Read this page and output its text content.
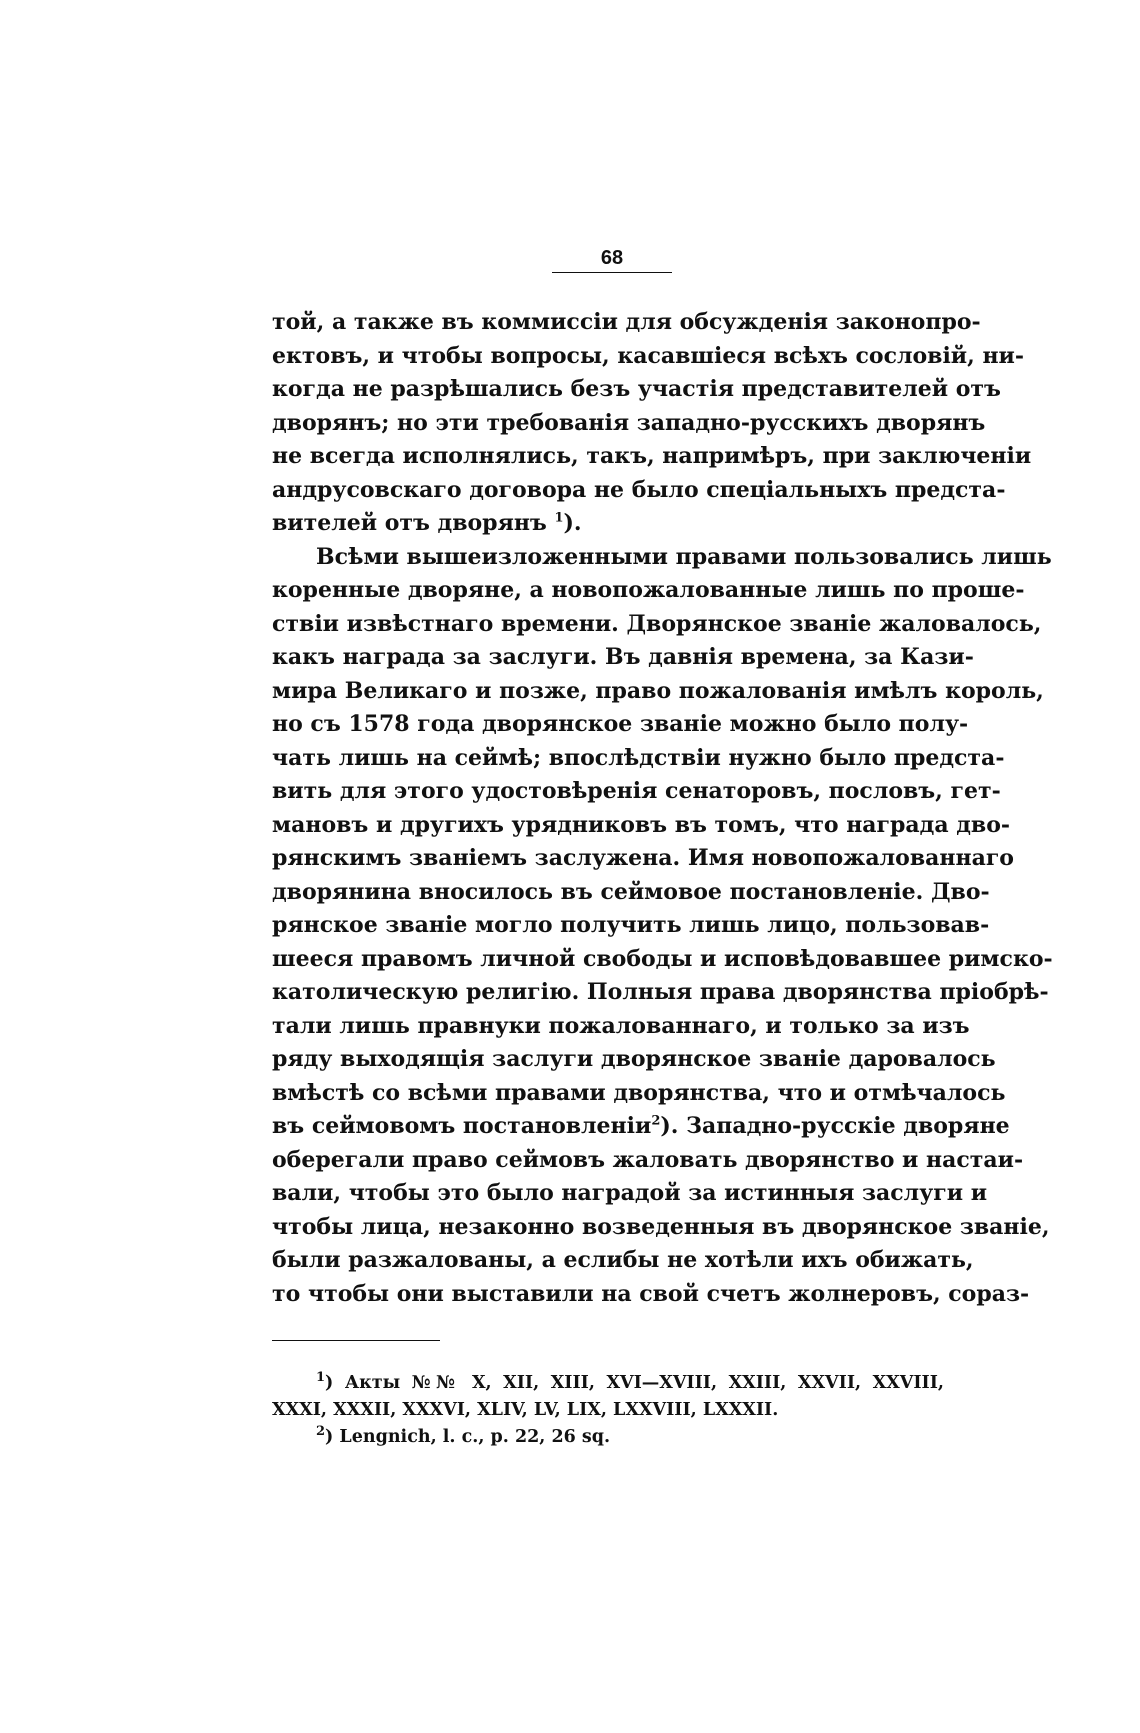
68
той, а также въ коммиссіи для обсужденія законопро-
ектовъ, и чтобы вопросы, касавшіеся всѣхъ сословій, ни-
когда не разрѣшались безъ участія представителей отъ
дворянъ; но эти требованія западно-русскихъ дворянъ
не всегда исполнялись, такъ, напримѣръ, при заключеніи
андрусовскаго договора не было спеціальныхъ предста-
вителей отъ дворянъ $^1$).
Всѣми вышеизложенными правами пользовались лишь
коренные дворяне, а новопожалованные лишь по проше-
ствіи извѣстнаго времени. Дворянское званіе жаловалось,
какъ награда за заслуги. Въ давнія времена, за Кази-
мира Великаго и позже, право пожалованія имѣлъ король,
но съ 1578 года дворянское званіе можно было полу-
чать лишь на сеймѣ; впослѣдствіи нужно было предста-
вить для этого удостовѣренія сенаторовъ, пословъ, гет-
мановъ и другихъ урядниковъ въ томъ, что награда дво-
рянскимъ званіемъ заслужена. Имя новопожалованнаго
дворянина вносилось въ сеймовое постановленіе. Дво-
рянское званіе могло получить лишь лицо, пользовав-
шееся правомъ личной свободы и исповѣдовавшее римско-
католическую религію. Полныя права дворянства пріобрѣ-
тали лишь правнуки пожалованнаго, и только за изъ
ряду выходящія заслуги дворянское званіе даровалось
вмѣстѣ со всѣми правами дворянства, что и отмѣчалось
въ сеймовомъ постановленіи$^2$). Западно-русскіе дворяне
оберегали право сеймовъ жаловать дворянство и настаи-
вали, чтобы это было наградой за истинныя заслуги и
чтобы лица, незаконно возведенныя въ дворянское званіе,
были разжалованы, а еслибы не хотѣли ихъ обижать,
то чтобы они выставили на свой счетъ жолнеровъ, сораз-
$^1$) Акты №№ X, XII, XIII, XVI—XVIII, XXIII, XXVII, XXVIII,
XXXI, XXXII, XXXVI, XLIV, LV, LIX, LXXVIII, LXXXII.
$^2$) Lengnich, l. c., p. 22, 26 sq.
